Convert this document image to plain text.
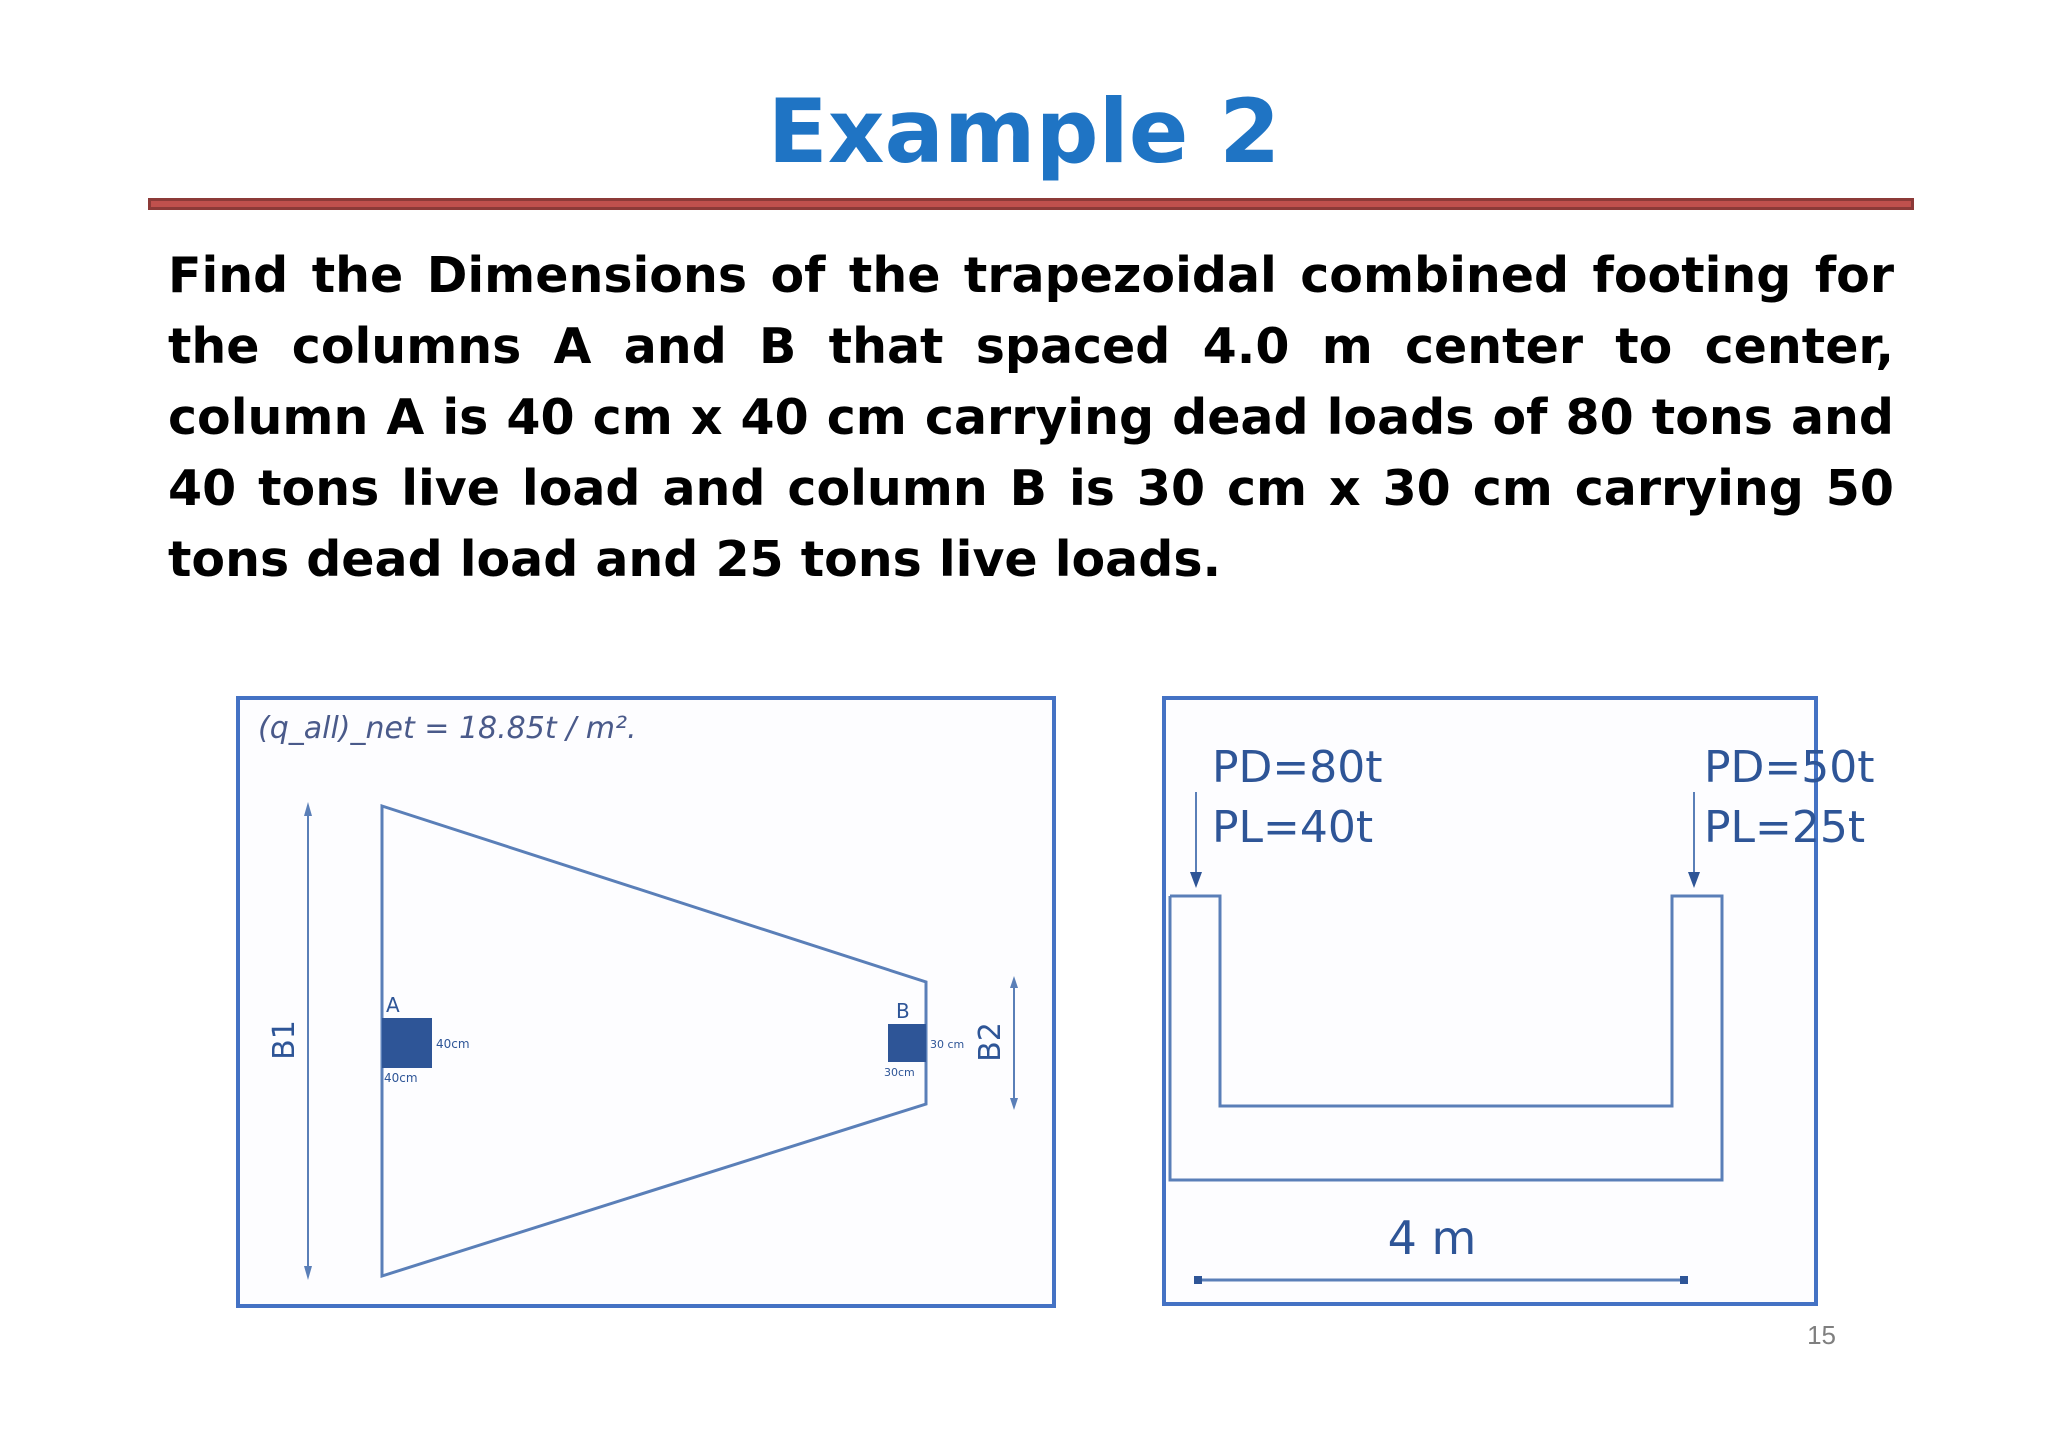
Example 2

Find the Dimensions of the trapezoidal combined footing for the columns A and B that spaced 4.0 m center to center, column A is 40 cm x 40 cm carrying dead loads of 80 tons and 40 tons live load and column B is 30 cm x 30 cm carrying 50 tons dead load and 25 tons live loads.

(q_all)_net = 18.85t / m².
B1
A
40cm
40cm
B
30 cm
30cm
B2
PD=80t
PL=40t
PD=50t
PL=25t
4 m
15
